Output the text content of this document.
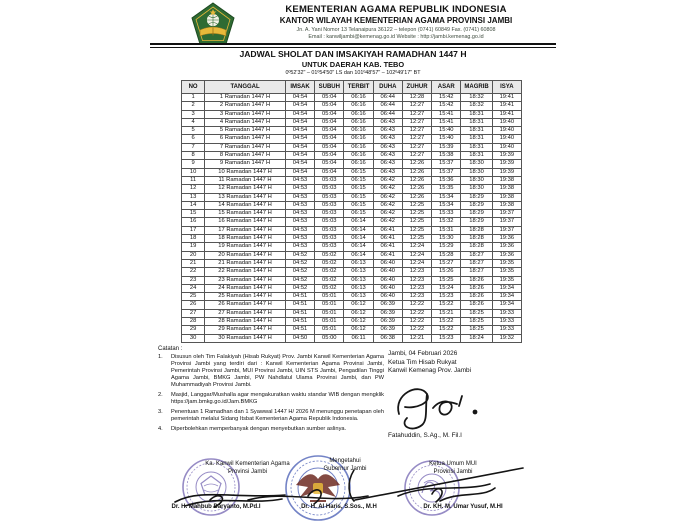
KEMENTERIAN AGAMA REPUBLIK INDONESIA
KANTOR WILAYAH KEMENTERIAN AGAMA PROVINSI JAMBI
Jn. A. Yani Nomor 13 Telanaipura 36122 – telepon (0741) 60849 Fax. (0741) 60808
Email : kanwiljambi@kemenag.go.id Website : http://jambi.kemenag.go.id
JADWAL SHOLAT DAN IMSAKIYAH RAMADHAN 1447 H
UNTUK DAERAH KAB. TEBO
0º52'32" – 01º54'50" LS dan 101º48'57" – 102º49'17" BT
NO	TANGGAL	IMSAK	SUBUH	TERBIT	DUHA	ZUHUR	ASAR	MAGRIB	ISYA
1	1 Ramadan 1447 H	04:54	05:04	06:16	06:44	12:28	15:42	18:32	19:41
2	2 Ramadan 1447 H	04:54	05:04	06:16	06:44	12:27	15:42	18:32	19:41
3	3 Ramadan 1447 H	04:54	05:04	06:16	06:44	12:27	15:41	18:31	19:41
4	4 Ramadan 1447 H	04:54	05:04	06:16	06:43	12:27	15:41	18:31	19:40
5	5 Ramadan 1447 H	04:54	05:04	06:16	06:43	12:27	15:40	18:31	19:40
6	6 Ramadan 1447 H	04:54	05:04	06:16	06:43	12:27	15:40	18:31	19:40
7	7 Ramadan 1447 H	04:54	05:04	06:16	06:43	12:27	15:39	18:31	19:40
8	8 Ramadan 1447 H	04:54	05:04	06:16	06:43	12:27	15:38	18:31	19:39
9	9 Ramadan 1447 H	04:54	05:04	06:16	06:43	12:26	15:37	18:30	19:39
10	10 Ramadan 1447 H	04:54	05:04	06:15	06:43	12:26	15:37	18:30	19:39
11	11 Ramadan 1447 H	04:53	05:03	06:15	06:42	12:26	15:36	18:30	19:38
12	12 Ramadan 1447 H	04:53	05:03	06:15	06:42	12:26	15:35	18:30	19:38
13	13 Ramadan 1447 H	04:53	05:03	06:15	06:42	12:26	15:34	18:29	19:38
14	14 Ramadan 1447 H	04:53	05:03	06:15	06:42	12:25	15:34	18:29	19:38
15	15 Ramadan 1447 H	04:53	05:03	06:15	06:42	12:25	15:33	18:29	19:37
16	16 Ramadan 1447 H	04:53	05:03	06:14	06:42	12:25	15:32	18:29	19:37
17	17 Ramadan 1447 H	04:53	05:03	06:14	06:41	12:25	15:31	18:28	19:37
18	18 Ramadan 1447 H	04:53	05:03	06:14	06:41	12:25	15:30	18:28	19:36
19	19 Ramadan 1447 H	04:53	05:03	06:14	06:41	12:24	15:29	18:28	19:36
20	20 Ramadan 1447 H	04:52	05:02	06:14	06:41	12:24	15:28	18:27	19:36
21	21 Ramadan 1447 H	04:52	05:02	06:13	06:40	12:24	15:27	18:27	19:35
22	22 Ramadan 1447 H	04:52	05:02	06:13	06:40	12:23	15:26	18:27	19:35
23	23 Ramadan 1447 H	04:52	05:02	06:13	06:40	12:23	15:25	18:26	19:35
24	24 Ramadan 1447 H	04:52	05:02	06:13	06:40	12:23	15:24	18:26	19:34
25	25 Ramadan 1447 H	04:51	05:01	06:13	06:40	12:23	15:23	18:26	19:34
26	26 Ramadan 1447 H	04:51	05:01	06:12	06:39	12:22	15:22	18:26	19:34
27	27 Ramadan 1447 H	04:51	05:01	06:12	06:39	12:22	15:21	18:25	19:33
28	28 Ramadan 1447 H	04:51	05:01	06:12	06:39	12:22	15:22	18:25	19:33
29	29 Ramadan 1447 H	04:51	05:01	06:12	06:39	12:22	15:22	18:25	19:33
30	30 Ramadan 1447 H	04:50	05:00	06:11	06:38	12:21	15:23	18:24	19:32
Catatan :
1.	Disusun oleh Tim Falakiyah (Hisab Rukyat) Prov. Jambi Kanwil Kementerian Agama Provinsi Jambi yang terdiri dari : Kanwil Kementerian Agama Provinsi Jambi, Pemerintah Provinsi Jambi, MUI Provinsi Jambi, UIN STS Jambi, Pengadilan Tinggi Agama Jambi, BMKG Jambi, PW Nahdlatul Ulama Provinsi Jambi, dan PW Muhammadiyah Provinsi Jambi.
2.	Masjid, Langgar/Mushalla agar mengakuratkan waktu standar WIB dengan mengklik https://jam.bmkg.go.id/Jam.BMKG
3.	Penentuan 1 Ramadhan dan 1 Syawwal 1447 H/ 2026 M menunggu penetapan oleh pemerintah melalui Sidang Itsbat Kementerian Agama Republik Indonesia.
4.	Diperbolehkan memperbanyak dengan menyebutkan sumber aslinya.
Jambi, 04 Februari 2026
Ketua Tim Hisab Rukyat
Kanwil Kemenag Prov. Jambi
Fatahuddin, S.Ag., M. Fil.I
Ka. Kanwil Kementerian Agama
Provinsi Jambi
Mengetahui
Gubernur Jambi
Ketua Umum MUI
Provinsi Jambi
Dr. H. Mahbub Daryanto, M.Pd.I	Dr. H. Al Haris, S.Sos., M.H	Dr. KH. M. Umar Yusuf, M.HI
